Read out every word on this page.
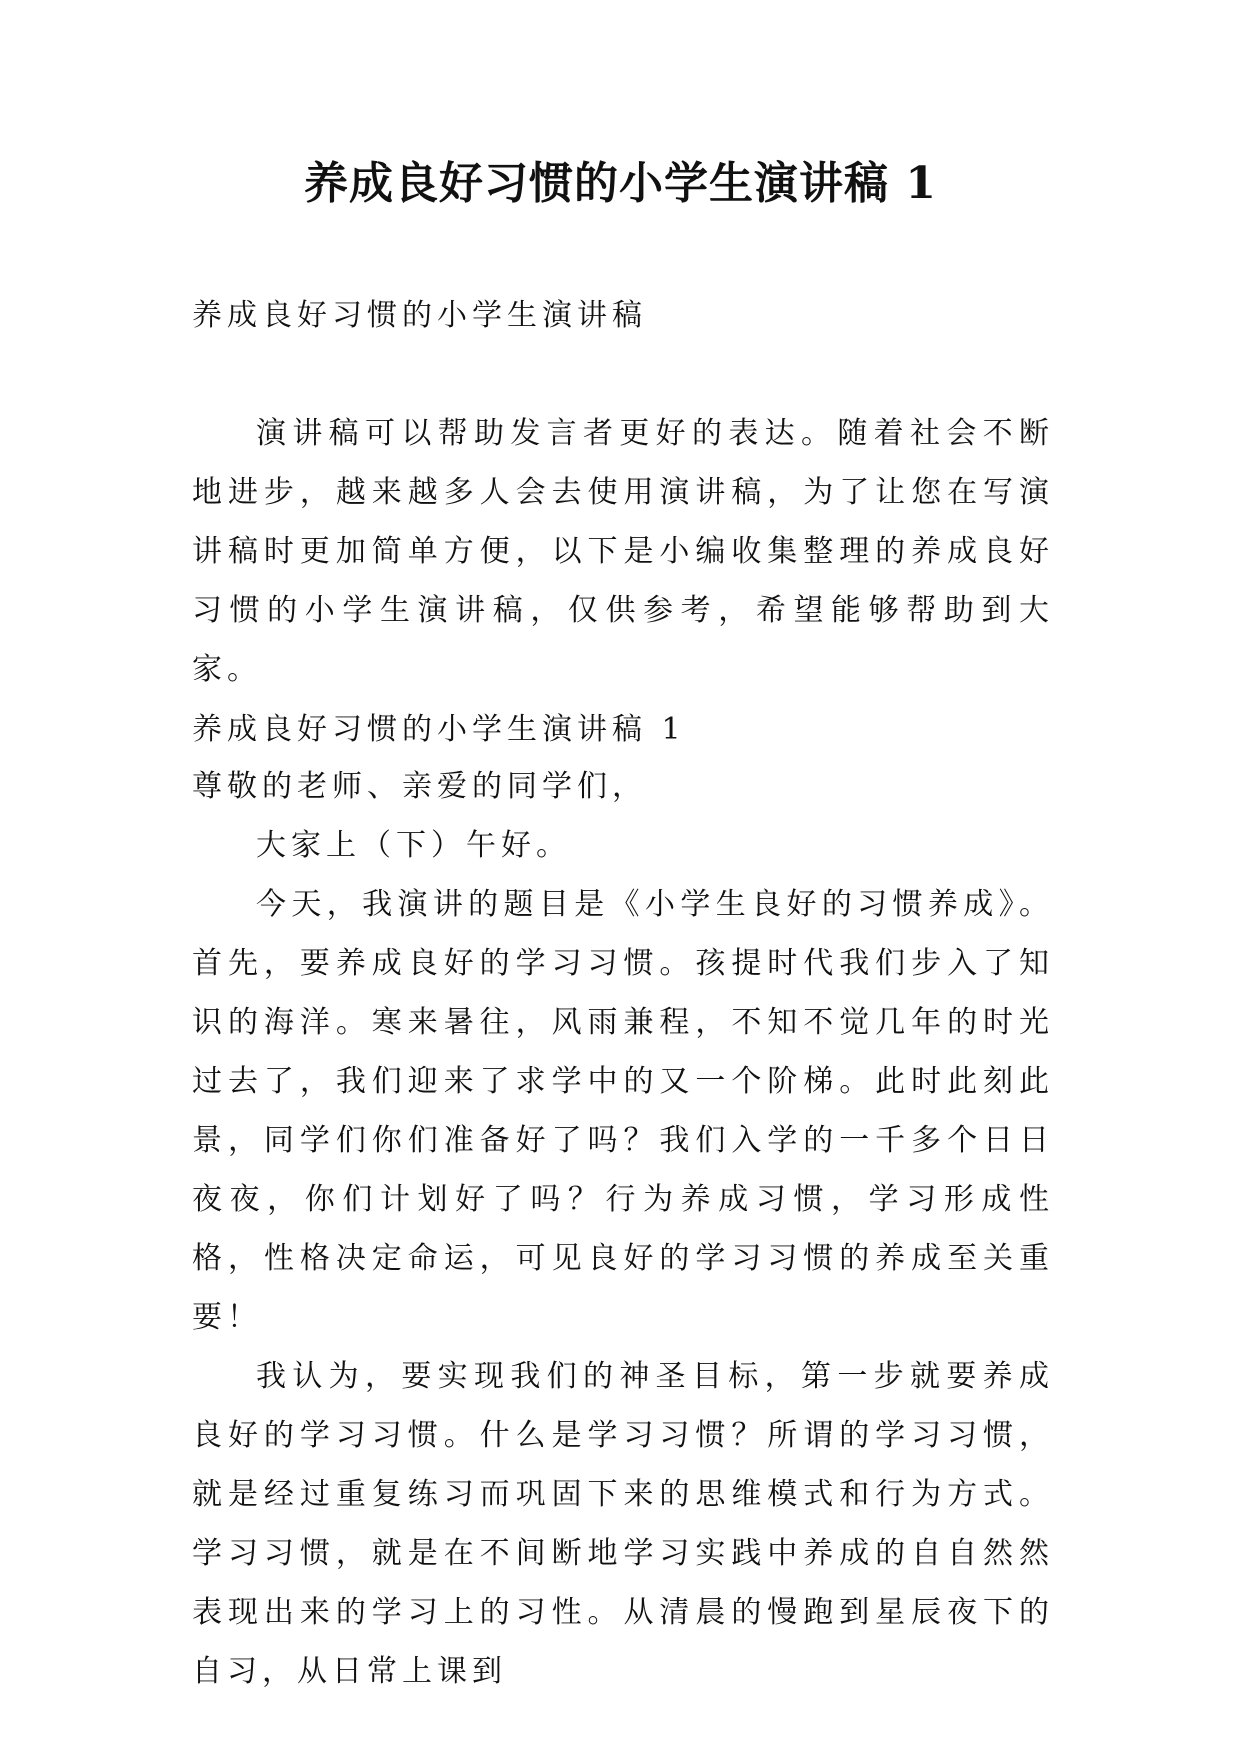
养成良好习惯的小学生演讲稿 1
养成良好习惯的小学生演讲稿
演讲稿可以帮助发言者更好的表达。随着社会不断地进步，越来越多人会去使用演讲稿，为了让您在写演讲稿时更加简单方便，以下是小编收集整理的养成良好习惯的小学生演讲稿，仅供参考，希望能够帮助到大家。
养成良好习惯的小学生演讲稿 1

尊敬的老师、亲爱的同学们，

大家上（下）午好。

今天，我演讲的题目是《小学生良好的习惯养成》。首先，要养成良好的学习习惯。孩提时代我们步入了知识的海洋。寒来暑往，风雨兼程，不知不觉几年的时光过去了，我们迎来了求学中的又一个阶梯。此时此刻此景，同学们你们准备好了吗？我们入学的一千多个日日夜夜，你们计划好了吗？行为养成习惯，学习形成性格，性格决定命运，可见良好的学习习惯的养成至关重要！

我认为，要实现我们的神圣目标，第一步就要养成良好的学习习惯。什么是学习习惯？所谓的学习习惯，就是经过重复练习而巩固下来的思维模式和行为方式。学习习惯，就是在不间断地学习实践中养成的自自然然表现出来的学习上的习性。从清晨的慢跑到星辰夜下的自习，从日常上课到
